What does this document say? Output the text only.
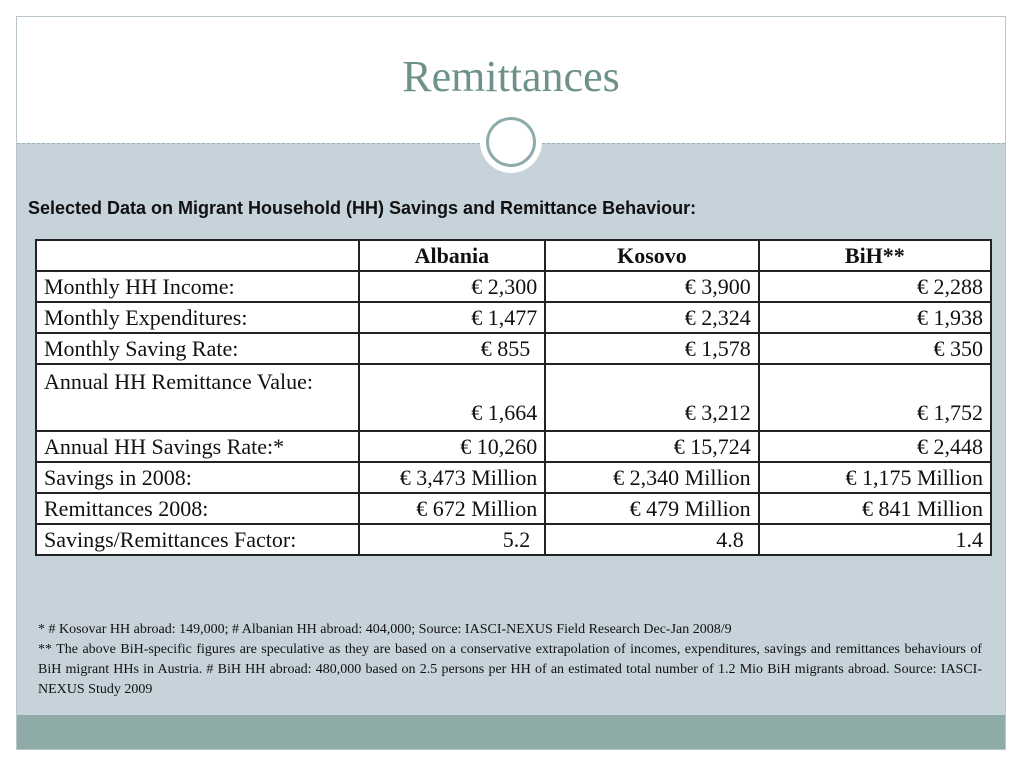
Remittances
Selected Data on Migrant Household (HH) Savings and Remittance Behaviour:
	Albania	Kosovo	BiH**
Monthly HH Income:	€ 2,300	€ 3,900	€ 2,288
Monthly Expenditures:	€ 1,477	€ 2,324	€ 1,938
Monthly Saving Rate:	€ 855	€ 1,578	€ 350
Annual HH Remittance Value:	€ 1,664	€ 3,212	€ 1,752
Annual HH Savings Rate:*	€ 10,260	€ 15,724	€ 2,448
Savings in 2008:	€ 3,473 Million	€ 2,340 Million	€ 1,175 Million
Remittances 2008:	€ 672 Million	€ 479 Million	€ 841 Million
Savings/Remittances Factor:	5.2	4.8	1.4

* # Kosovar HH abroad: 149,000; # Albanian HH abroad: 404,000; Source: IASCI-NEXUS Field Research Dec-Jan 2008/9

** The above BiH-specific figures are speculative as they are based on a conservative extrapolation of incomes, expenditures, savings and remittances behaviours of BiH migrant HHs in Austria. # BiH HH abroad: 480,000 based on 2.5 persons per HH of an estimated total number of 1.2 Mio BiH migrants abroad. Source: IASCI-NEXUS Study 2009
